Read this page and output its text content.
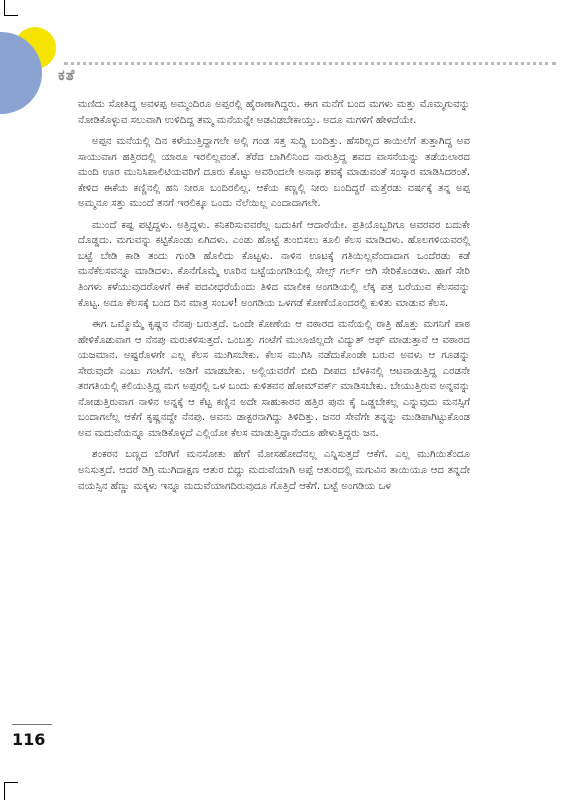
ಕತೆ

ಮಣಿದು ಸೋತಿದ್ದ ಅವಳಪ್ಪ ಅಮ್ಮಂದಿರೂ ಅಪ್ಪರಲ್ಲಿ ಹೈರಾಣಾಗಿದ್ದರು. ಈಗ ಮನೆಗೆ ಬಂದ ಮಗಳು ಮತ್ತು ಮೊಮ್ಮಗುವನ್ನು ನೋಡಿಕೊಳ್ಳುವ ಸಲುವಾಗಿ ಉಳಿದಿದ್ದ ತಮ್ಮ ಮನೆಯನ್ನೇ ಅಡವಿಡಬೇಕಾಯ್ತು. ಅದೂ ಮಗಳಿಗೆ ಹೇಳದೆಯೇ.

ಅಪ್ಪನ ಮನೆಯಲ್ಲಿ ದಿನ ಕಳೆಯುತ್ತಿದ್ದಾಗಲೇ ಅಲ್ಲಿ ಗಂಡ ಸತ್ತ ಸುದ್ದಿ ಬಂದಿತ್ತು. ಹೆಸರಿಲ್ಲದ ಕಾಯಿಲೆಗೆ ತುತ್ತಾಗಿದ್ದ ಅವ ಸಾಯುವಾಗ ಹತ್ತಿರದಲ್ಲಿ ಯಾರೂ ಇರಲಿಲ್ಲವಂತೆ. ತೆರೆದ ಬಾಗಿಲಿನಿಂದ ನಾರುತ್ತಿದ್ದ ಶವದ ವಾಸನೆಯನ್ನು ತಡೆಯಲಾರದ ಮಂದಿ ಊರ ಮುನಿಸಿಪಾಲಿಟಿಯವರಿಗೆ ದೂರು ಕೊಟ್ಟು ಅವರಿಂದಲೇ ಅನಾಥ ಶವಕ್ಕೆ ಮಾಡುವಂತೆ ಸಂಸ್ಕಾರ ಮಾಡಿಸಿದರಂತೆ. ಕೇಳಿದ ಈಕೆಯ ಕಣ್ಣಿನಲ್ಲಿ ಹನಿ ನೀರೂ ಬಂದಿರಲಿಲ್ಲ. ಆಕೆಯ ಕಣ್ಣಲ್ಲಿ ನೀರು ಬಂದಿದ್ದರೆ ಮತ್ತೆರಡು ವರ್ಷಕ್ಕೆ ತನ್ನ ಅಪ್ಪ ಅಮ್ಮನೂ ಸತ್ತು ಮುಂದೆ ತನಗೆ ಇರಲಿಕ್ಕೂ ಒಂದು ನೆಲೆಯಿಲ್ಲ ಎಂದಾದಾಗಲೇ.

ಮುಂದೆ ಕಷ್ಟ ಪಟ್ಟಿದ್ದಳು. ಅತ್ತಿದ್ದಳು. ಕನಿಕರಿಸುವವರೆಲ್ಲ ಬದುಕಿಗೆ ಆದಾರೆಯೇ. ಪ್ರತಿಯೊಬ್ಬರಿಗೂ ಅವರವರ ಬದುಕೇ ದೊಡ್ಡದು. ಮಗುವನ್ನು ಕಟ್ಟಿಕೊಂಡು ಏಗಿದಳು. ಎಂಡು ಹೊಟ್ಟೆ ತುಂಬಿಸಲು ಕೂಲಿ ಕೆಲಸ ಮಾಡಿದಳು. ಹೊಲಗಳಿಯವರಲ್ಲಿ ಬಟ್ಟೆ ಬೇಡಿ ಕಾಡಿ ತಂದು ಗುಂಡಿ ಹೊಲಿದು ಕೊಟ್ಟಳು. ನಾಳಿನ ಊಟಕ್ಕೆ ಗತಿಯಿಲ್ಲವೆಂದಾದಾಗ ಒಂದೆರಡು ಕಡೆ ಮನೆಕೆಲಸವನ್ನೂ ಮಾಡಿದಳು. ಕೊನೆಗೊಮ್ಮೆ ಊರಿನ ಬಟ್ಟೆಯಂಗಡಿಯಲ್ಲಿ ಸೇಲ್ಸ್ ಗರ್ಲ್ ಆಗಿ ಸೇರಿಕೊಂಡಳು. ಹಾಗೆ ಸೇರಿ ತಿಂಗಳು ಕಳೆಯುವುದರೊಳಗೆ ಈಕೆ ಪದವೀಧರೆಯೆಂದು ತಿಳಿದ ಮಾಲೀಕ ಅಂಗಡಿಯಲ್ಲಿ ಲೆಕ್ಕ ಪತ್ರ ಬರೆಯುವ ಕೆಲಸವನ್ನು ಕೊಟ್ಟ. ಅದೂ ಕೆಲಸಕ್ಕೆ ಬಂದ ದಿನ ಮಾತ್ರ ಸಂಬಳ! ಅಂಗಡಿಯ ಒಳಗಡೆ ಕೋಣೆಯೊಂದರಲ್ಲಿ ಕುಳಿತು ಮಾಡುವ ಕೆಲಸ.

ಈಗ ಒಮ್ಮೊಮ್ಮೆ ಕೃಷ್ಣನ ನೆನಪು ಬರುತ್ತದೆ. ಒಂದೇ ಕೋಣೆಯ ಆ ವಠಾರದ ಮನೆಯಲ್ಲಿ ರಾತ್ರಿ ಹೊತ್ತು ಮಗನಿಗೆ ಪಾಠ ಹೇಳಿಕೊಡುವಾಗ ಆ ನೆನಪು ಮರುಕಳಿಸುತ್ತದೆ. ಒಂಬತ್ತು ಗಂಟೆಗೆ ಮುಲಾಜಿಲ್ಲದೇ ವಿದ್ಯುತ್ ಆಫ್ ಮಾಡುತ್ತಾನೆ ಆ ವಠಾರದ ಯಜಮಾನ. ಅಷ್ಟರೊಳಗೇ ಎಲ್ಲ ಕೆಲಸ ಮುಗಿಸಬೇಕು. ಕೆಲಸ ಮುಗಿಸಿ ನಡೆದುಕೊಂಡೇ ಬರುವ ಅವಳು ಆ ಗೂಡನ್ನು ಸೇರುವುದೇ ಎಂಟು ಗಂಟೆಗೆ. ಅಡಿಗೆ ಮಾಡಬೇಕು. ಅಲ್ಲಿಯವರೆಗೆ ಬೀದಿ ದೀಪದ ಬೆಳಕಿನಲ್ಲಿ ಆಟವಾಡುತ್ತಿದ್ದ ಎರಡನೇ ತರಗತಿಯಲ್ಲಿ ಕಲಿಯುತ್ತಿದ್ದ ಮಗ ಅಪ್ಪರಲ್ಲಿ ಒಳ ಬಂದು ಕುಳಿತವನ ಹೋಮ್‌ವರ್ಕ್ ಮಾಡಿಸಬೇಕು. ಬೇಯುತ್ತಿರುವ ಅನ್ನವನ್ನು ನೋಡುತ್ತಿರುವಾಗ ನಾಳಿನ ಅನ್ನಕ್ಕೆ ಆ ಕೆಟ್ಟ ಕಣ್ಣಿನ ಅದೇ ಸಾಹುಕಾರನ ಹತ್ತಿರ ಪುನಃ ಕೈ ಒಡ್ಡಬೇಕಲ್ಲ ಎನ್ನುವುದು ಮನಸ್ಸಿಗೆ ಬಂದಾಗಲೆಲ್ಲ ಆಕೆಗೆ ಕೃಷ್ಣನದ್ದೇ ನೆನಪು. ಅವನು ಡಾಕ್ಟರನಾಗಿದ್ದು ತಿಳಿದಿತ್ತು. ಜನರ ಸೇವೆಗೇ ತನ್ನನ್ನು ಮುಡಿಪಾಗಿಟ್ಟುಕೊಂಡ ಅವ ಮದುವೆಯನ್ನೂ ಮಾಡಿಕೊಳ್ಳದೆ ಎಲ್ಲಿಯೋ ಕೆಲಸ ಮಾಡುತ್ತಿದ್ದಾನೆಂದೂ ಹೇಳುತ್ತಿದ್ದರು ಜನ.

ಶಂಕರನ ಬಣ್ಣದ ಬೆರಗಿಗೆ ಮನಸೋತು ಹೇಗೆ ಮೋಸಹೋದೆನಲ್ಲ ಎನ್ನಿಸುತ್ತದೆ ಆಕೆಗೆ. ಎಲ್ಲ ಮುಗಿಯಿತೆಂದೂ ಅನಿಸುತ್ತದೆ. ಆದರೆ ಡಿಗ್ರಿ ಮುಗಿದಾಕ್ಷಣ ಆತುರ ಬಿದ್ದು ಮದುವೆಯಾಗಿ ಅಪ್ಪೆ ಆತುರದಲ್ಲಿ ಮಗುವಿನ ತಾಯಿಯೂ ಆದ ತನ್ನದೇ ವಯಸ್ಸಿನ ಹೆಣ್ಣು ಮಕ್ಕಳು ಇನ್ನೂ ಮದುವೆಯಾಗದಿರುವುದೂ ಗೊತ್ತಿದೆ ಆಕೆಗೆ. ಬಟ್ಟೆ ಅಂಗಡಿಯ ಒಳ

116
